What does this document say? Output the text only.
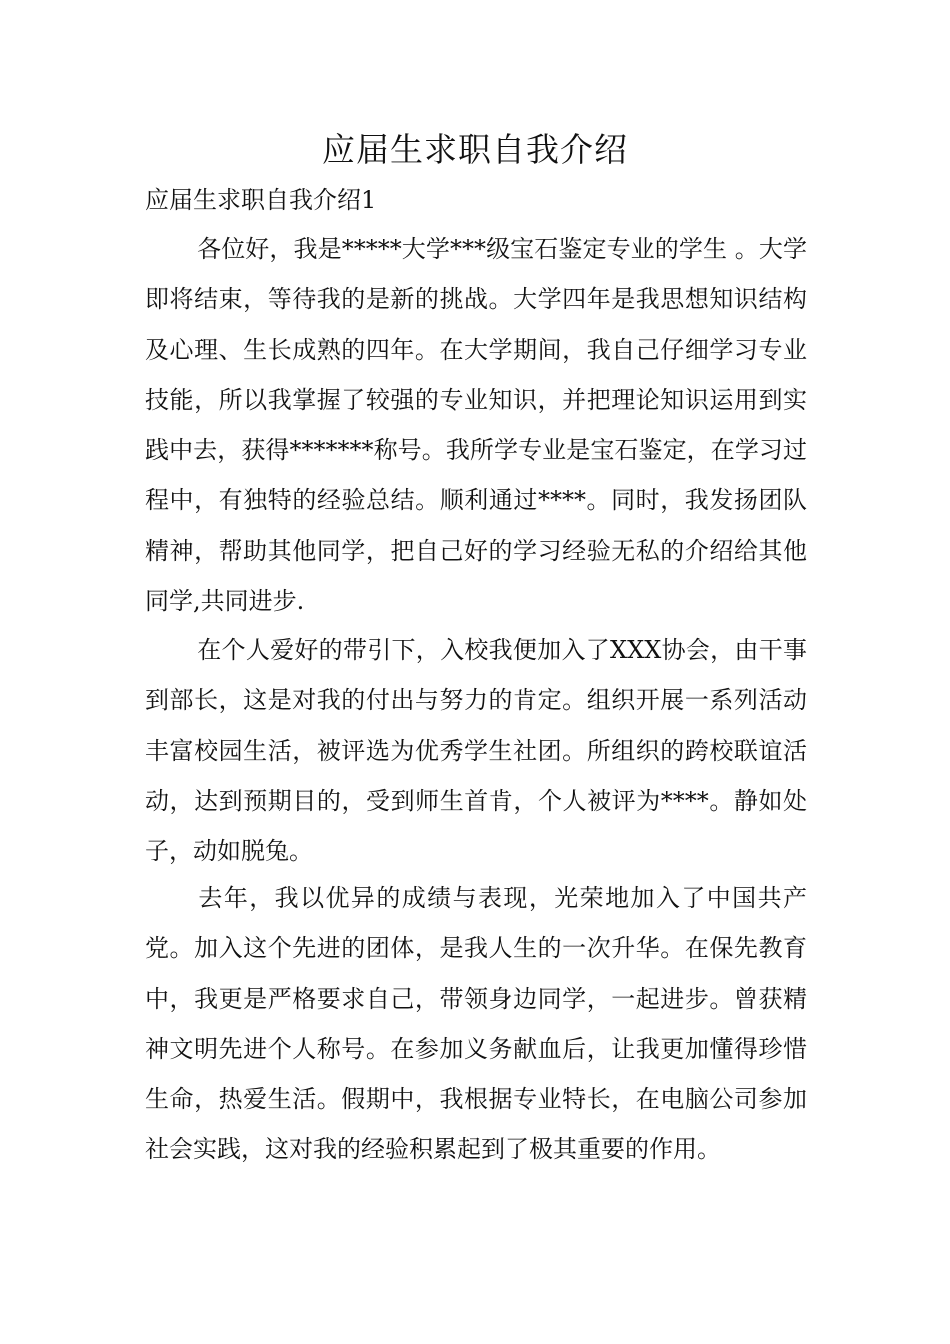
应届生求职自我介绍
应届生求职自我介绍1

各位好，我是*****大学***级宝石鉴定专业的学生 。大学即将结束，等待我的是新的挑战。大学四年是我思想知识结构及心理、生长成熟的四年。在大学期间，我自己仔细学习专业技能，所以我掌握了较强的专业知识，并把理论知识运用到实践中去，获得*******称号。我所学专业是宝石鉴定，在学习过程中，有独特的经验总结。顺利通过****。同时，我发扬团队精神，帮助其他同学，把自己好的学习经验无私的介绍给其他同学,共同进步.

在个人爱好的带引下，入校我便加入了XXX协会，由干事到部长，这是对我的付出与努力的肯定。组织开展一系列活动丰富校园生活，被评选为优秀学生社团。所组织的跨校联谊活动，达到预期目的，受到师生首肯，个人被评为****。静如处子，动如脱兔。

去年，我以优异的成绩与表现，光荣地加入了中国共产党。加入这个先进的团体，是我人生的一次升华。在保先教育中，我更是严格要求自己，带领身边同学，一起进步。曾获精神文明先进个人称号。在参加义务献血后，让我更加懂得珍惜生命，热爱生活。假期中，我根据专业特长，在电脑公司参加社会实践，这对我的经验积累起到了极其重要的作用。
